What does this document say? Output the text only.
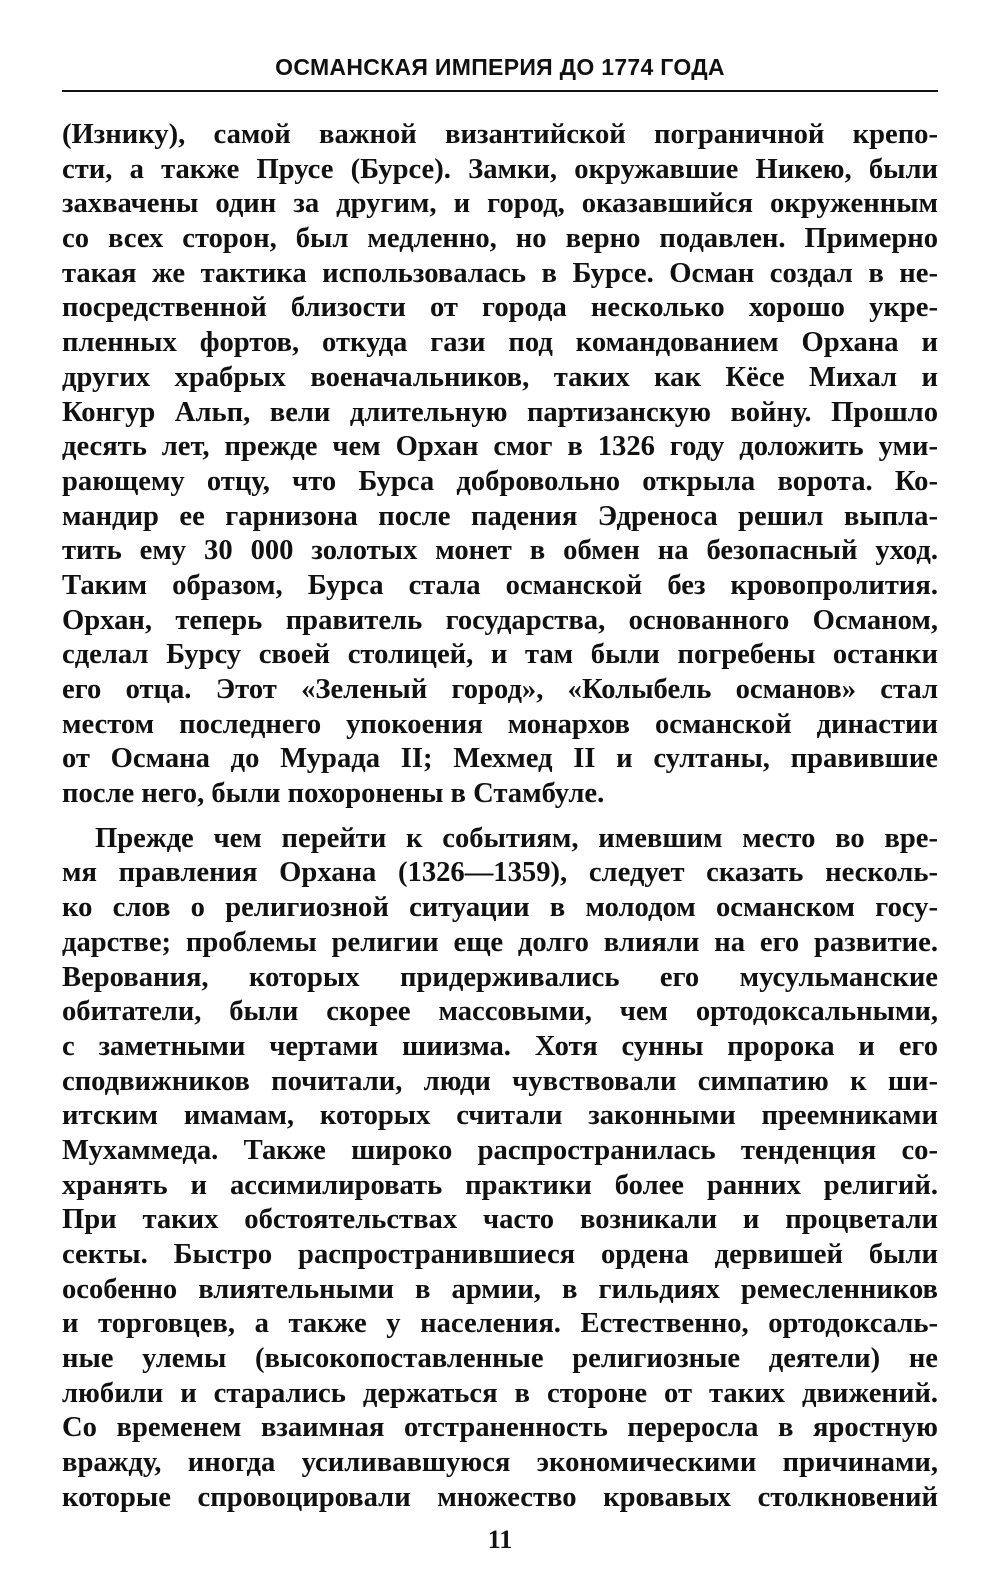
ОСМАНСКАЯ ИМПЕРИЯ ДО 1774 ГОДА
(Изнику), самой важной византийской пограничной крепо-
сти, а также Прусе (Бурсе). Замки, окружавшие Никею, были
захвачены один за другим, и город, оказавшийся окруженным
со всех сторон, был медленно, но верно подавлен. Примерно
такая же тактика использовалась в Бурсе. Осман создал в не-
посредственной близости от города несколько хорошо укре-
пленных фортов, откуда гази под командованием Орхана и
других храбрых военачальников, таких как Кёсе Михал и
Конгур Альп, вели длительную партизанскую войну. Прошло
десять лет, прежде чем Орхан смог в 1326 году доложить уми-
рающему отцу, что Бурса добровольно открыла ворота. Ко-
мандир ее гарнизона после падения Эдреноса решил выпла-
тить ему 30 000 золотых монет в обмен на безопасный уход.
Таким образом, Бурса стала османской без кровопролития.
Орхан, теперь правитель государства, основанного Османом,
сделал Бурсу своей столицей, и там были погребены останки
его отца. Этот «Зеленый город», «Колыбель османов» стал
местом последнего упокоения монархов османской династии
от Османа до Мурада II; Мехмед II и султаны, правившие
после него, были похоронены в Стамбуле.
Прежде чем перейти к событиям, имевшим место во вре-
мя правления Орхана (1326—1359), следует сказать несколь-
ко слов о религиозной ситуации в молодом османском госу-
дарстве; проблемы религии еще долго влияли на его развитие.
Верования, которых придерживались его мусульманские
обитатели, были скорее массовыми, чем ортодоксальными,
с заметными чертами шиизма. Хотя сунны пророка и его
сподвижников почитали, люди чувствовали симпатию к ши-
итским имамам, которых считали законными преемниками
Мухаммеда. Также широко распространилась тенденция со-
хранять и ассимилировать практики более ранних религий.
При таких обстоятельствах часто возникали и процветали
секты. Быстро распространившиеся ордена дервишей были
особенно влиятельными в армии, в гильдиях ремесленников
и торговцев, а также у населения. Естественно, ортодоксаль-
ные улемы (высокопоставленные религиозные деятели) не
любили и старались держаться в стороне от таких движений.
Со временем взаимная отстраненность переросла в яростную
вражду, иногда усиливавшуюся экономическими причинами,
которые спровоцировали множество кровавых столкновений
11
